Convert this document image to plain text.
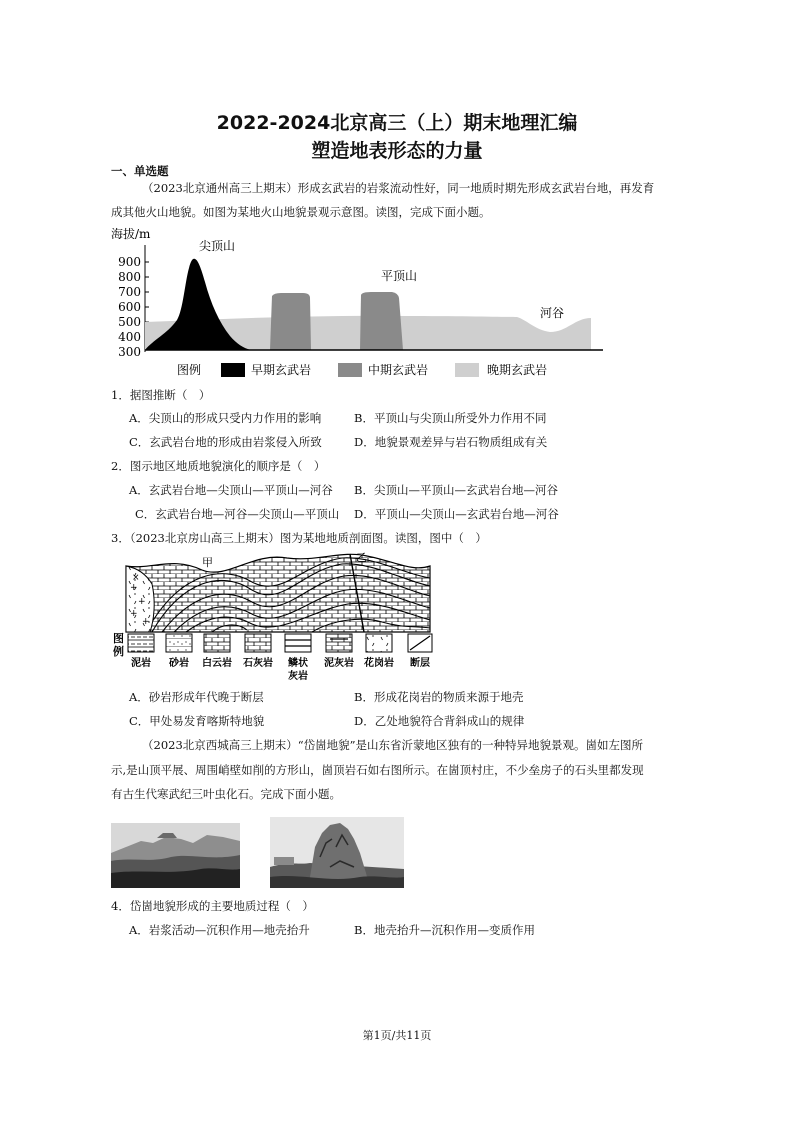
2022-2024北京高三（上）期末地理汇编
塑造地表形态的力量
一、单选题
（2023北京通州高三上期末）形成玄武岩的岩浆流动性好，同一地质时期先形成玄武岩台地，再发育
成其他火山地貌。如图为某地火山地貌景观示意图。读图，完成下面小题。
海拔/m
尖顶山
平顶山
河谷
900
800
700
600
500
400
300
图例	早期玄武岩	中期玄武岩	晚期玄武岩
1．据图推断（　）
A．尖顶山的形成只受内力作用的影响	B．平顶山与尖顶山所受外力作用不同
C．玄武岩台地的形成由岩浆侵入所致	D．地貌景观差异与岩石物质组成有关
2．图示地区地质地貌演化的顺序是（　）
A．玄武岩台地—尖顶山—平顶山—河谷 B．尖顶山—平顶山—玄武岩台地—河谷
C．玄武岩台地—河谷—尖顶山—平顶山 D．平顶山—尖顶山—玄武岩台地—河谷
3．（2023北京房山高三上期末）图为某地地质剖面图。读图，图中（　）
+
+
+
+
×
甲	乙
图
例
泥岩 砂岩 白云岩 石灰岩 鳞状
灰岩
泥灰岩 花岗岩 断层
A．砂岩形成年代晚于断层	B．形成花岗岩的物质来源于地壳
C．甲处易发育喀斯特地貌	D．乙处地貌符合背斜成山的规律
（2023北京西城高三上期末）“岱崮地貌”是山东省沂蒙地区独有的一种特异地貌景观。崮如左图所
示,是山顶平展、周围峭壁如削的方形山，崮顶岩石如右图所示。在崮顶村庄，不少垒房子的石头里都发现
有古生代寒武纪三叶虫化石。完成下面小题。
4．岱崮地貌形成的主要地质过程（　）
A．岩浆活动—沉积作用—地壳抬升	B．地壳抬升—沉积作用—变质作用
第1页/共11页
